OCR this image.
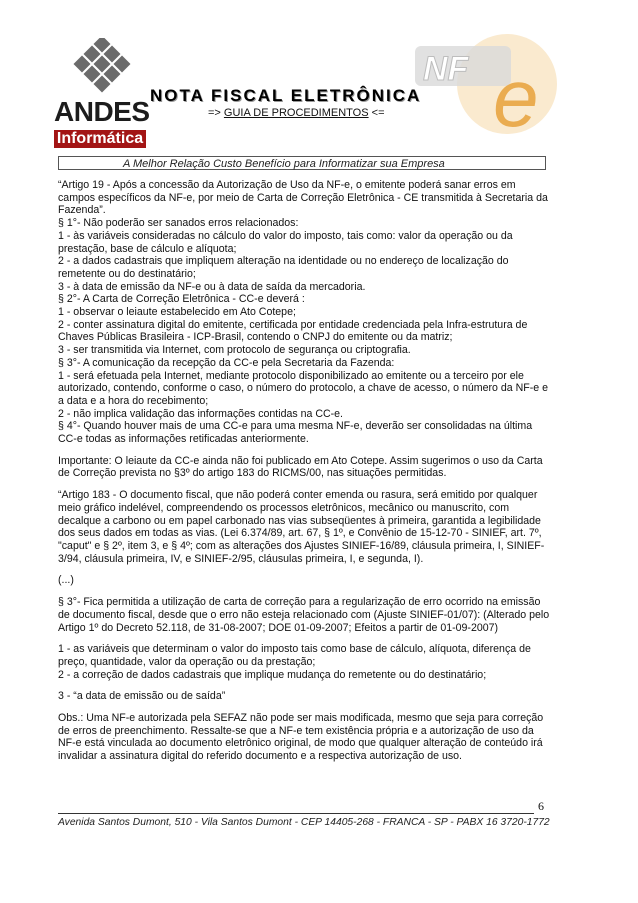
ANDES
Informática
NF e
NOTA FISCAL ELETRÔNICA
=> GUIA DE PROCEDIMENTOS <=
A Melhor Relação Custo Benefício para Informatizar sua Empresa

“Artigo 19 - Após a concessão da Autorização de Uso da NF-e, o emitente poderá sanar erros em campos específicos da NF-e, por meio de Carta de Correção Eletrônica - CE transmitida à Secretaria da Fazenda”.

§ 1°- Não poderão ser sanados erros relacionados:

1 - às variáveis consideradas no cálculo do valor do imposto, tais como: valor da operação ou da prestação, base de cálculo e alíquota;

2 - a dados cadastrais que impliquem alteração na identidade ou no endereço de localização do remetente ou do destinatário;

3 - à data de emissão da NF-e ou à data de saída da mercadoria.

§ 2°- A Carta de Correção Eletrônica - CC-e deverá :

1 - observar o leiaute estabelecido em Ato Cotepe;

2 - conter assinatura digital do emitente, certificada por entidade credenciada pela Infra-estrutura de Chaves Públicas Brasileira - ICP-Brasil, contendo o CNPJ do emitente ou da matriz;

3 - ser transmitida via Internet, com protocolo de segurança ou criptografia.

§ 3°- A comunicação da recepção da CC-e pela Secretaria da Fazenda:

1 - será efetuada pela Internet, mediante protocolo disponibilizado ao emitente ou a terceiro por ele autorizado, contendo, conforme o caso, o número do protocolo, a chave de acesso, o número da NF-e e a data e a hora do recebimento;

2 - não implica validação das informações contidas na CC-e.

§ 4°- Quando houver mais de uma CC-e para uma mesma NF-e, deverão ser consolidadas na última CC-e todas as informações retificadas anteriormente.

Importante: O leiaute da CC-e ainda não foi publicado em Ato Cotepe. Assim sugerimos o uso da Carta de Correção prevista no §3º do artigo 183 do RICMS/00, nas situações permitidas.

“Artigo 183 - O documento fiscal, que não poderá conter emenda ou rasura, será emitido por qualquer meio gráfico indelével, compreendendo os processos eletrônicos, mecânico ou manuscrito, com decalque a carbono ou em papel carbonado nas vias subseqüentes à primeira, garantida a legibilidade dos seus dados em todas as vias. (Lei 6.374/89, art. 67, § 1º, e Convênio de 15-12-70 - SINIEF, art. 7º, "caput" e § 2º, item 3, e § 4º; com as alterações dos Ajustes SINIEF-16/89, cláusula primeira, I, SINIEF-3/94, cláusula primeira, IV, e SINIEF-2/95, cláusulas primeira, I, e segunda, I).

(...)

§ 3°- Fica permitida a utilização de carta de correção para a regularização de erro ocorrido na emissão de documento fiscal, desde que o erro não esteja relacionado com (Ajuste SINIEF-01/07): (Alterado pelo Artigo 1º do Decreto 52.118, de 31-08-2007; DOE 01-09-2007; Efeitos a partir de 01-09-2007)

1 - as variáveis que determinam o valor do imposto tais como base de cálculo, alíquota, diferença de preço, quantidade, valor da operação ou da prestação;

2 - a correção de dados cadastrais que implique mudança do remetente ou do destinatário;

3 - “a data de emissão ou de saída”

Obs.: Uma NF-e autorizada pela SEFAZ não pode ser mais modificada, mesmo que seja para correção de erros de preenchimento. Ressalte-se que a NF-e tem existência própria e a autorização de uso da NF-e está vinculada ao documento eletrônico original, de modo que qualquer alteração de conteúdo irá invalidar a assinatura digital do referido documento e a respectiva autorização de uso.

6
Avenida Santos Dumont, 510 - Vila Santos Dumont - CEP 14405-268 - FRANCA - SP - PABX 16 3720-1772
